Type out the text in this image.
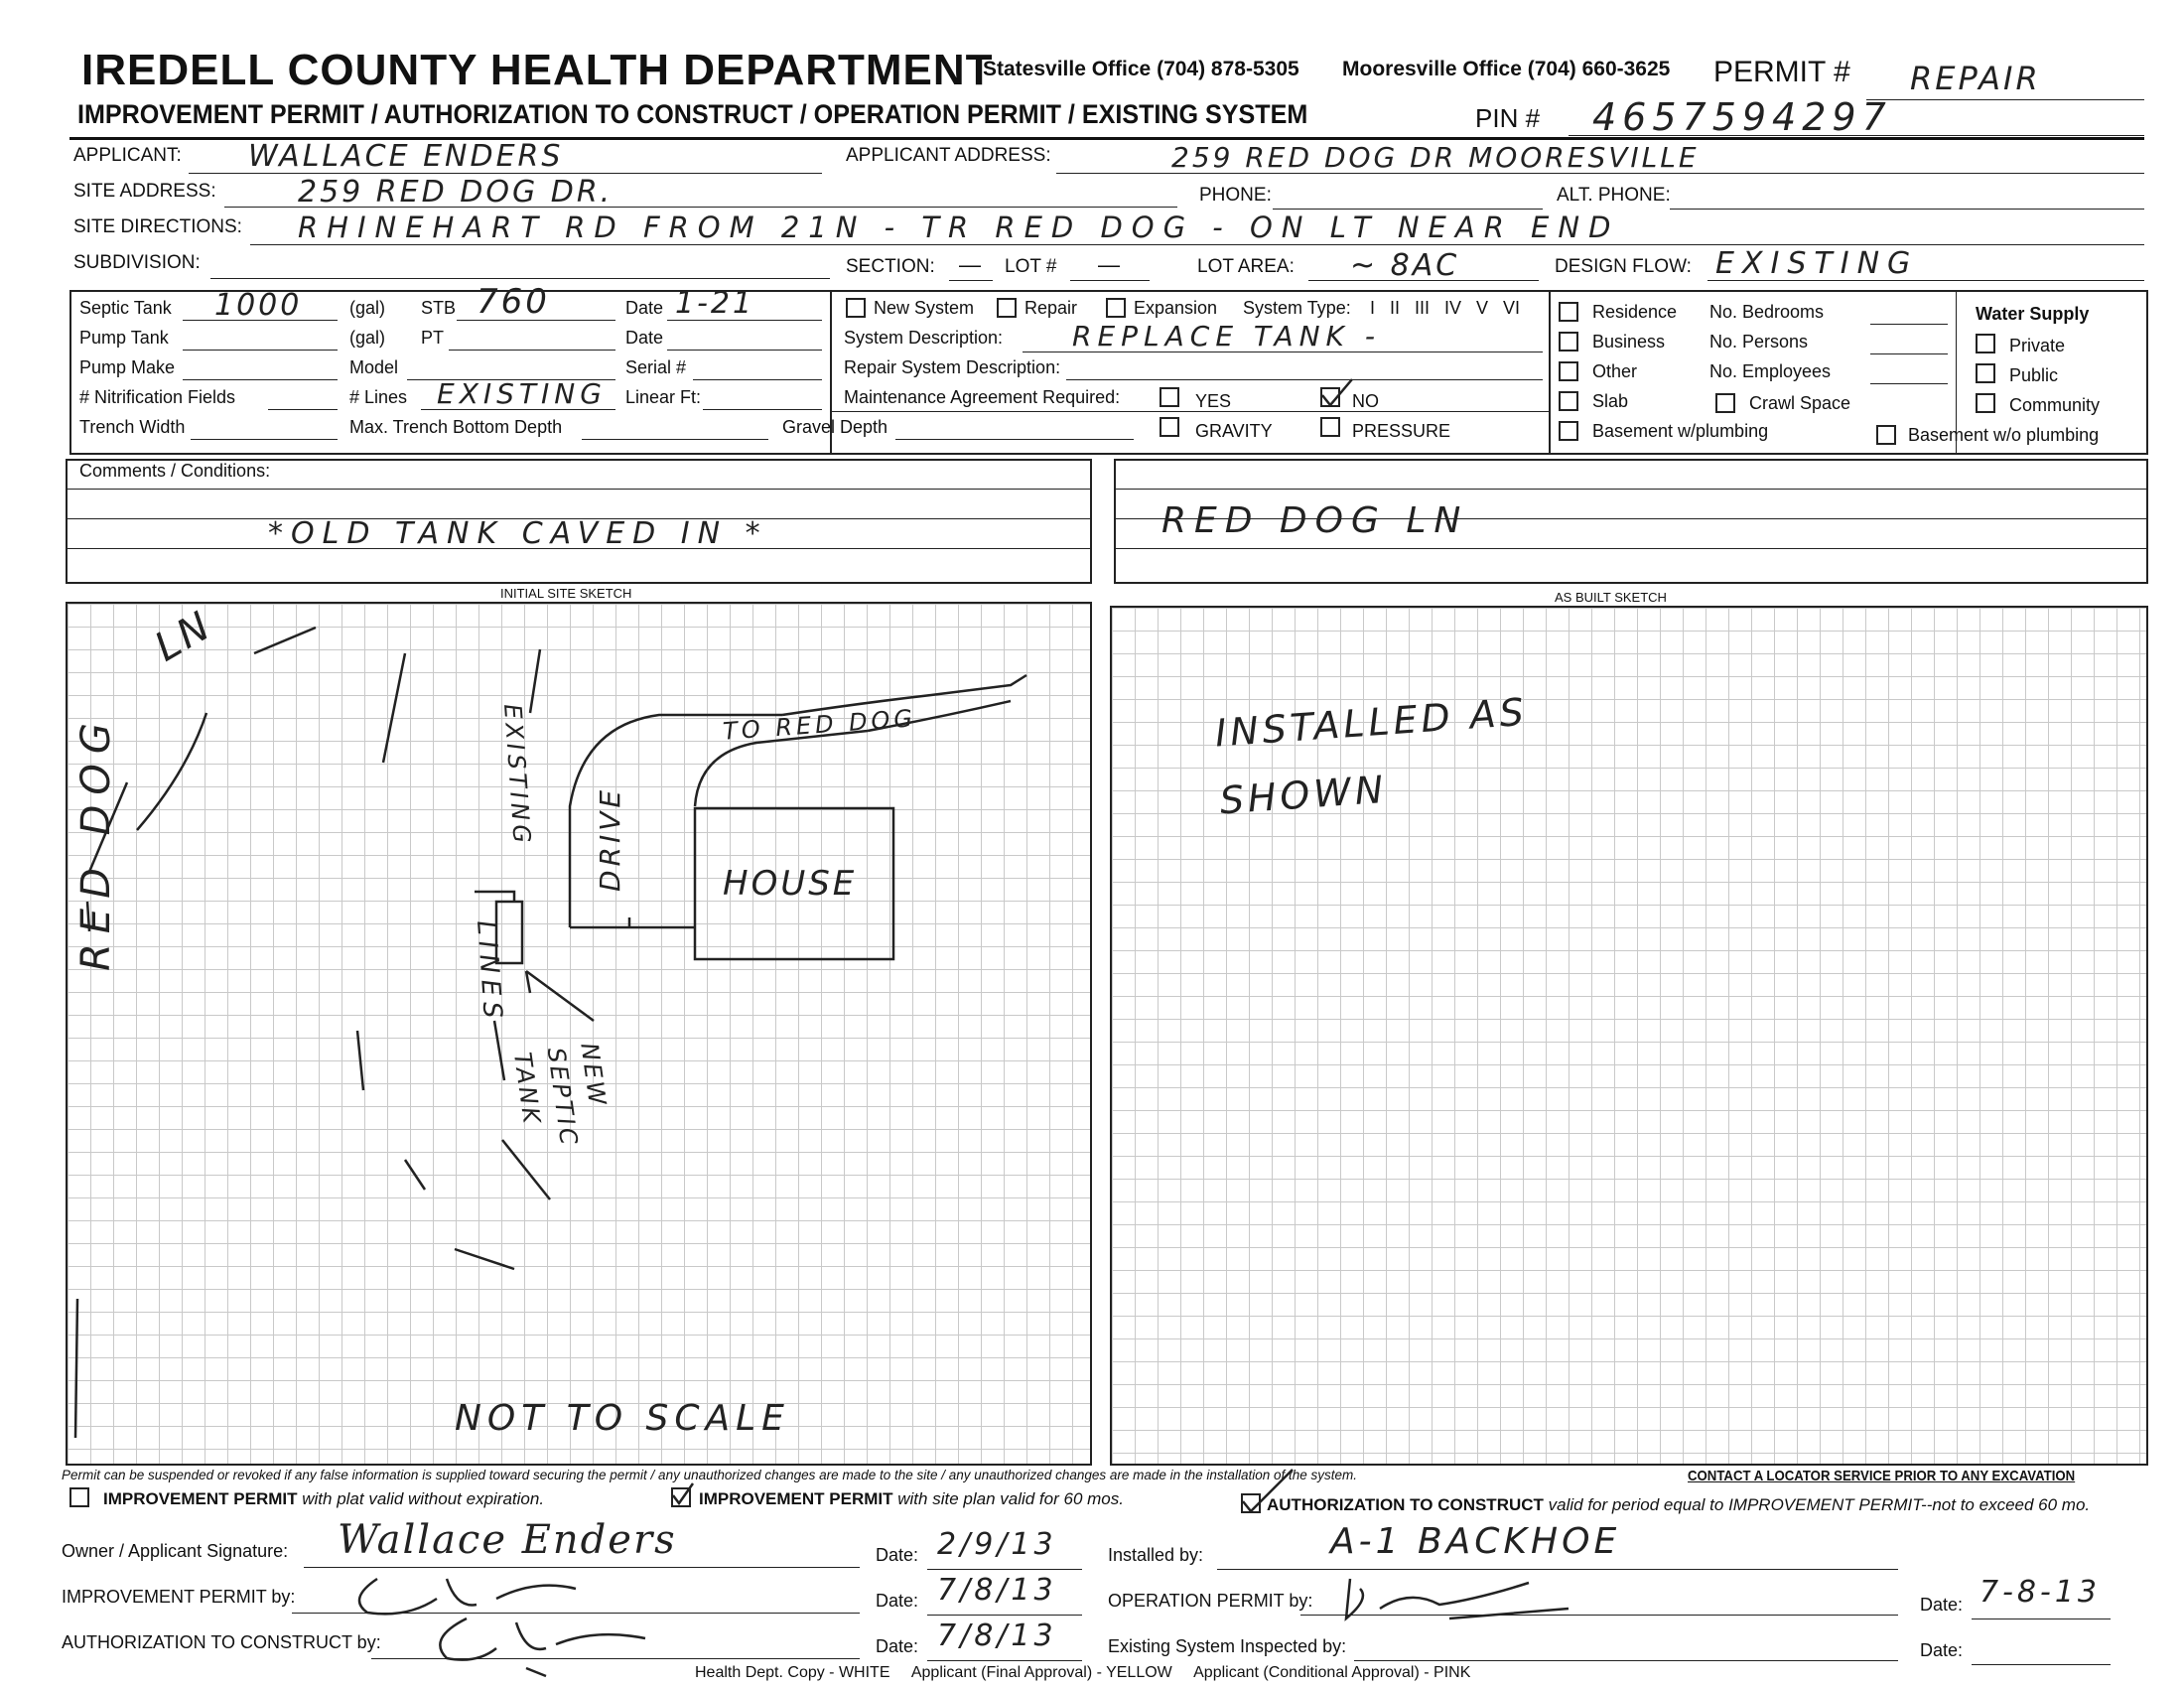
IREDELL COUNTY HEALTH DEPARTMENT
Statesville Office (704) 878-5305 Mooresville Office (704) 660-3625 PERMIT # REPAIR
IMPROVEMENT PERMIT / AUTHORIZATION TO CONSTRUCT / OPERATION PERMIT / EXISTING SYSTEM	PIN # 4657594297
APPLICANT: WALLACE ENDERS	APPLICANT ADDRESS:	259 RED DOG DR MOORESVILLE
SITE ADDRESS:	259 RED DOG DR.	PHONE:	ALT. PHONE:
SITE DIRECTIONS: RHINEHART RD FROM 21N - TR RED DOG - ON LT NEAR END
SUBDIVISION:	SECTION: — LOT # —	LOT AREA: ~ 8AC	DESIGN FLOW: EXISTING
Septic Tank 1000	(gal) STB 760	Date 1-21
Pump Tank	(gal) PT	Date
Pump Make	Model	Serial #
# Nitrification Fields	# Lines EXISTING Linear Ft:
Trench Width	Max. Trench Bottom Depth	Gravel Depth
New System	Repair	Expansion System Type: I   II   III   IV   V   VI
System Description: REPLACE TANK -
Repair System Description:
Maintenance Agreement Required:	YES	NO
GRAVITY	PRESSURE
Residence No. Bedrooms
Business No. Persons
Other	No. Employees
Slab	Crawl Space
Basement w/plumbing	Basement w/o plumbing
Water Supply
Private
Public
Community
Comments / Conditions:
*OLD TANK CAVED IN *	RED DOG LN
INITIAL SITE SKETCH	AS BUILT SKETCH
RED DOG
LN
TO RED DOG
DRIVE	HOUSE
EXISTING
LINES
NEW SEPTIC TANK
NOT TO SCALE
INSTALLED AS SHOWN
Permit can be suspended or revoked if any false information is supplied toward securing the permit / any unauthorized changes are made to the site / any unauthorized changes are made in the installation of the system.	CONTACT A LOCATOR SERVICE PRIOR TO ANY EXCAVATION
IMPROVEMENT PERMIT with plat valid without expiration.	IMPROVEMENT PERMIT with site plan valid for 60 mos.	AUTHORIZATION TO CONSTRUCT valid for period equal to IMPROVEMENT PERMIT--not to exceed 60 mo.
Owner / Applicant Signature: Wallace Enders	Date: 2/9/13	Installed by:	A-1 BACKHOE
IMPROVEMENT PERMIT by:	Date: 7/8/13	OPERATION PERMIT by:	Date: 7-8-13
AUTHORIZATION TO CONSTRUCT by:	Date: 7/8/13	Existing System Inspected by:	Date:
Health Dept. Copy - WHITE     Applicant (Final Approval) - YELLOW     Applicant (Conditional Approval) - PINK
